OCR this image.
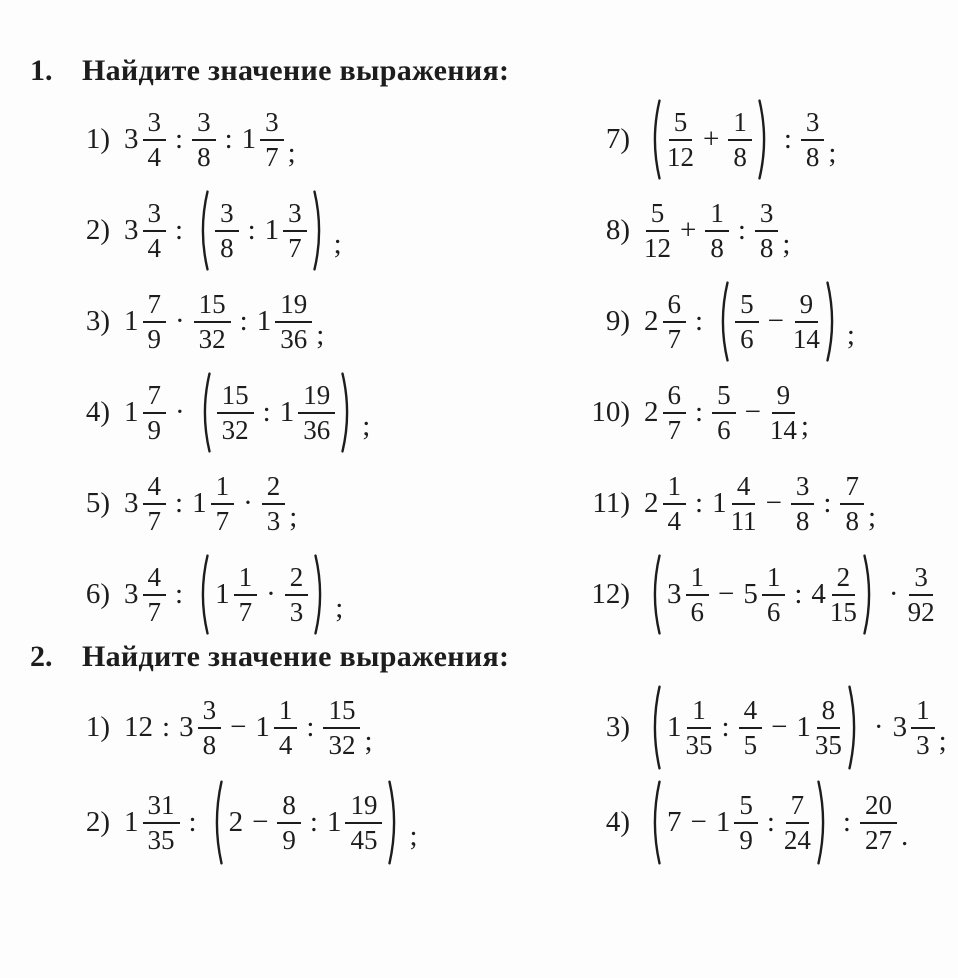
1. Найдите значение выражения:
1) $3 \frac{3}{4}$ : $\frac{3}{8}$ : $1 \frac{3}{7}$ ;
2) $3 \frac{3}{4}$ : $\frac{3}{8}$ : $1 \frac{3}{7}$ ;
3) $1 \frac{7}{9} \cdot \frac{15}{32}$ : $1 \frac{19}{36}$ ;
4) $1 \frac{7}{9} \cdot \frac{15}{32}$ : $1 \frac{19}{36}$ ;
5) $3 \frac{4}{7}$ : $1 \frac{1}{7} \cdot \frac{2}{3}$ ;
6) $3 \frac{4}{7}$ : $1 \frac{1}{7} \cdot \frac{2}{3}$ ;
$7) \frac{5}{12} + \frac{1}{8}$ : $\frac{3}{8}$ ;
$8) \frac{5}{12} + \frac{1}{8}$ : $\frac{3}{8}$ ;
9) $2 \frac{6}{7}$ : $\frac{5}{6} - \frac{9}{14}$ ;
10) $2 \frac{6}{7}$ : $\frac{5}{6} - \frac{9}{14}$ ;
11) $2 \frac{1}{4}$ : $1 \frac{4}{11} - \frac{3}{8}$ : $\frac{7}{8}$ ;
12) $3 \frac{1}{6} - 5 \frac{1}{6}$ : $4 \frac{2}{15} \cdot \frac{3}{92}$
2. Найдите значение выражения:
1) 12 : $3 \frac{3}{8} - 1 \frac{1}{4}$ : $\frac{15}{32}$ ;
2) $1 \frac{31}{35}$ : $2 - \frac{8}{9}$ : $1 \frac{19}{45}$ ;
3) $1 \frac{1}{35}$ : $\frac{4}{5} - 1 \frac{8}{35} \cdot 3 \frac{1}{3}$ ;
4) $7 - 1 \frac{5}{9}$ : $\frac{7}{24}$ : $\frac{20}{27}$ .
